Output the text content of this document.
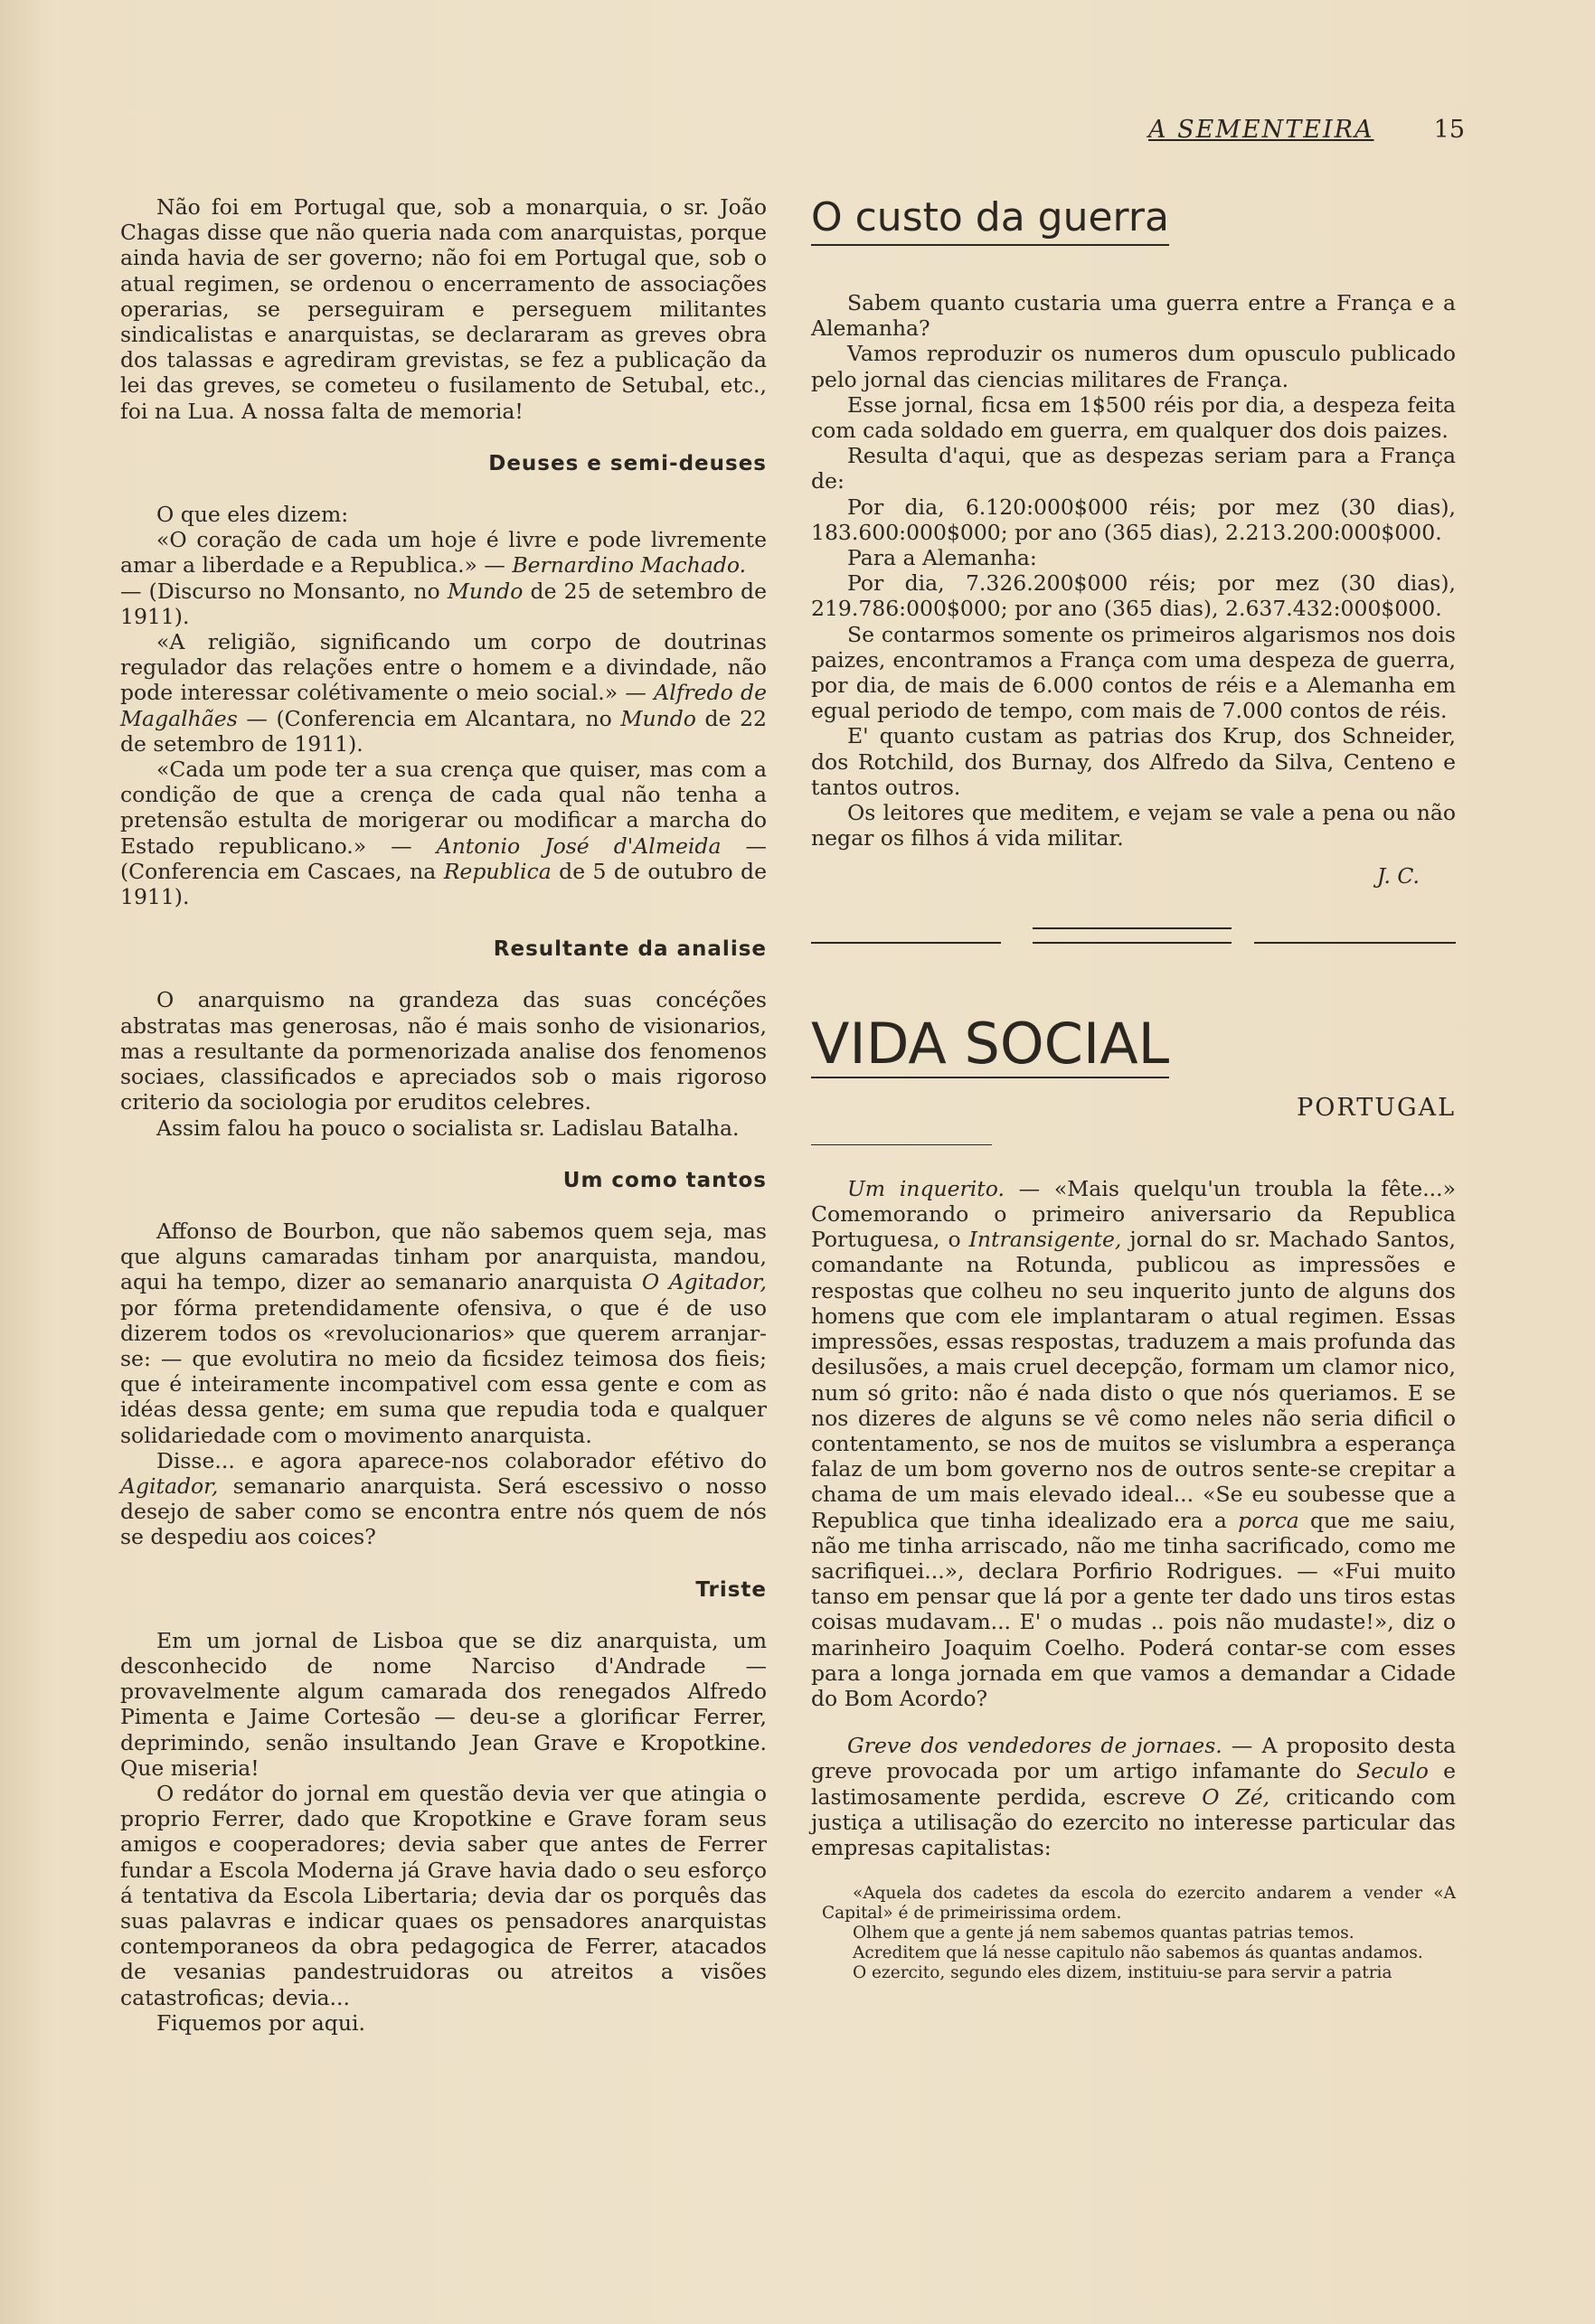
A SEMENTEIRA 15

Não foi em Portugal que, sob a monarquia, o sr. João Chagas disse que não queria nada com anarquistas, porque ainda havia de ser governo; não foi em Portugal que, sob o atual regimen, se ordenou o encerramento de associações operarias, se perseguiram e perseguem militantes sindicalistas e anarquistas, se declararam as greves obra dos talassas e agrediram grevistas, se fez a publicação da lei das greves, se cometeu o fusilamento de Setubal, etc., foi na Lua. A nossa falta de memoria!

Deuses e semi-deuses

O que eles dizem:

«O coração de cada um hoje é livre e pode livremente amar a liberdade e a Republica.» — Bernardino Machado.

— (Discurso no Monsanto, no Mundo de 25 de setembro de 1911).

«A religião, significando um corpo de doutrinas regulador das relações entre o homem e a divindade, não pode interessar colétivamente o meio social.» — Alfredo de Magalhães — (Conferencia em Alcantara, no Mundo de 22 de setembro de 1911).

«Cada um pode ter a sua crença que quiser, mas com a condição de que a crença de cada qual não tenha a pretensão estulta de morigerar ou modificar a marcha do Estado republicano.» — Antonio José d'Almeida — (Conferencia em Cascaes, na Republica de 5 de outubro de 1911).

Resultante da analise

O anarquismo na grandeza das suas concéções abstratas mas generosas, não é mais sonho de visionarios, mas a resultante da pormenorizada analise dos fenomenos sociaes, classificados e apreciados sob o mais rigoroso criterio da sociologia por eruditos celebres.

Assim falou ha pouco o socialista sr. Ladislau Batalha.

Um como tantos

Affonso de Bourbon, que não sabemos quem seja, mas que alguns camaradas tinham por anarquista, mandou, aqui ha tempo, dizer ao semanario anarquista O Agitador, por fórma pretendidamente ofensiva, o que é de uso dizerem todos os «revolucionarios» que querem arranjar-se: — que evolutira no meio da ficsidez teimosa dos fieis; que é inteiramente incompativel com essa gente e com as idéas dessa gente; em suma que repudia toda e qualquer solidariedade com o movimento anarquista.

Disse... e agora aparece-nos colaborador efétivo do Agitador, semanario anarquista. Será escessivo o nosso desejo de saber como se encontra entre nós quem de nós se despediu aos coices?

Triste

Em um jornal de Lisboa que se diz anarquista, um desconhecido de nome Narciso d'Andrade — provavelmente algum camarada dos renegados Alfredo Pimenta e Jaime Cortesão — deu-se a glorificar Ferrer, deprimindo, senão insultando Jean Grave e Kropotkine. Que miseria!

O redátor do jornal em questão devia ver que atingia o proprio Ferrer, dado que Kropotkine e Grave foram seus amigos e cooperadores; devia saber que antes de Ferrer fundar a Escola Moderna já Grave havia dado o seu esforço á tentativa da Escola Libertaria; devia dar os porquês das suas palavras e indicar quaes os pensadores anarquistas contemporaneos da obra pedagogica de Ferrer, atacados de vesanias pandestruidoras ou atreitos a visões catastroficas; devia...

Fiquemos por aqui.

O custo da guerra

Sabem quanto custaria uma guerra entre a França e a Alemanha?

Vamos reproduzir os numeros dum opusculo publicado pelo jornal das ciencias militares de França.

Esse jornal, ficsa em 1$500 réis por dia, a despeza feita com cada soldado em guerra, em qualquer dos dois paizes.

Resulta d'aqui, que as despezas seriam para a França de:

Por dia, 6.120:000$000 réis; por mez (30 dias), 183.600:000$000; por ano (365 dias), 2.213.200:000$000.

Para a Alemanha:

Por dia, 7.326.200$000 réis; por mez (30 dias), 219.786:000$000; por ano (365 dias), 2.637.432:000$000.

Se contarmos somente os primeiros algarismos nos dois paizes, encontramos a França com uma despeza de guerra, por dia, de mais de 6.000 contos de réis e a Alemanha em egual periodo de tempo, com mais de 7.000 contos de réis.

E' quanto custam as patrias dos Krup, dos Schneider, dos Rotchild, dos Burnay, dos Alfredo da Silva, Centeno e tantos outros.

Os leitores que meditem, e vejam se vale a pena ou não negar os filhos á vida militar.

J. C.
VIDA SOCIAL
PORTUGAL

Um inquerito. — «Mais quelqu'un troubla la fête...» Comemorando o primeiro aniversario da Republica Portuguesa, o Intransigente, jornal do sr. Machado Santos, comandante na Rotunda, publicou as impressões e respostas que colheu no seu inquerito junto de alguns dos homens que com ele implantaram o atual regimen. Essas impressões, essas respostas, traduzem a mais profunda das desilusões, a mais cruel decepção, formam um clamor nico, num só grito: não é nada disto o que nós queriamos. E se nos dizeres de alguns se vê como neles não seria dificil o contentamento, se nos de muitos se vislumbra a esperança falaz de um bom governo nos de outros sente-se crepitar a chama de um mais elevado ideal... «Se eu soubesse que a Republica que tinha idealizado era a porca que me saiu, não me tinha arriscado, não me tinha sacrificado, como me sacrifiquei...», declara Porfirio Rodrigues. — «Fui muito tanso em pensar que lá por a gente ter dado uns tiros estas coisas mudavam... E' o mudas .. pois não mudaste!», diz o marinheiro Joaquim Coelho. Poderá contar-se com esses para a longa jornada em que vamos a demandar a Cidade do Bom Acordo?

Greve dos vendedores de jornaes. — A proposito desta greve provocada por um artigo infamante do Seculo e lastimosamente perdida, escreve O Zé, criticando com justiça a utilisação do ezercito no interesse particular das empresas capitalistas:

«Aquela dos cadetes da escola do ezercito andarem a vender «A Capital» é de primeirissima ordem.

Olhem que a gente já nem sabemos quantas patrias temos.

Acreditem que lá nesse capitulo não sabemos ás quantas andamos.

O ezercito, segundo eles dizem, instituiu-se para servir a patria
